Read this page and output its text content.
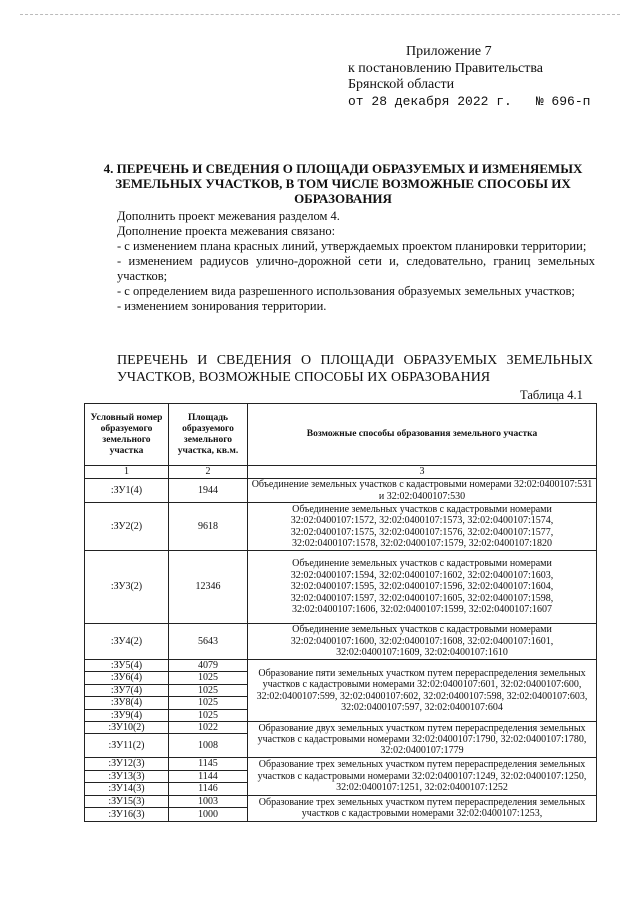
Приложение 7
к постановлению Правительства
Брянской области
от 28 декабря 2022 г. № 696-п
4. ПЕРЕЧЕНЬ И СВЕДЕНИЯ О ПЛОЩАДИ ОБРАЗУЕМЫХ И ИЗМЕНЯЕМЫХ ЗЕМЕЛЬНЫХ УЧАСТКОВ, В ТОМ ЧИСЛЕ ВОЗМОЖНЫЕ СПОСОБЫ ИХ ОБРАЗОВАНИЯ

Дополнить проект межевания разделом 4.

Дополнение проекта межевания связано:

- с изменением плана красных линий, утверждаемых проектом планировки территории;

- изменением радиусов улично-дорожной сети и, следовательно, границ земельных участков;

- с определением вида разрешенного использования образуемых земельных участков;

- изменением зонирования территории.

ПЕРЕЧЕНЬ И СВЕДЕНИЯ О ПЛОЩАДИ ОБРАЗУЕМЫХ ЗЕМЕЛЬНЫХ
УЧАСТКОВ, ВОЗМОЖНЫЕ СПОСОБЫ ИХ ОБРАЗОВАНИЯ
Таблица 4.1
Условный номер образуемого земельного участка	Площадь образуемого земельного участка, кв.м.	Возможные способы образования земельного участка
1	2	3
:ЗУ1(4)	1944	Объединение земельных участков с кадастровыми номерами 32:02:0400107:531 и 32:02:0400107:530
:ЗУ2(2)	9618	Объединение земельных участков с кадастровыми номерами 32:02:0400107:1572, 32:02:0400107:1573, 32:02:0400107:1574, 32:02:0400107:1575, 32:02:0400107:1576, 32:02:0400107:1577, 32:02:0400107:1578, 32:02:0400107:1579, 32:02:0400107:1820
:ЗУ3(2)	12346	Объединение земельных участков с кадастровыми номерами 32:02:0400107:1594, 32:02:0400107:1602, 32:02:0400107:1603, 32:02:0400107:1595, 32:02:0400107:1596, 32:02:0400107:1604, 32:02:0400107:1597, 32:02:0400107:1605, 32:02:0400107:1598, 32:02:0400107:1606, 32:02:0400107:1599, 32:02:0400107:1607
:ЗУ4(2)	5643	Объединение земельных участков с кадастровыми номерами 32:02:0400107:1600, 32:02:0400107:1608, 32:02:0400107:1601, 32:02:0400107:1609, 32:02:0400107:1610
:ЗУ5(4)	4079	Образование пяти земельных участком путем перераспределения земельных участков с кадастровыми номерами 32:02:0400107:601, 32:02:0400107:600, 32:02:0400107:599, 32:02:0400107:602, 32:02:0400107:598, 32:02:0400107:603, 32:02:0400107:597, 32:02:0400107:604
:ЗУ6(4)	1025	
:ЗУ7(4)	1025	
:ЗУ8(4)	1025	
:ЗУ9(4)	1025	
:ЗУ10(2)	1022	Образование двух земельных участком путем перераспределения земельных участков с кадастровыми номерами 32:02:0400107:1790, 32:02:0400107:1780, 32:02:0400107:1779
:ЗУ11(2)	1008	
:ЗУ12(3)	1145	Образование трех земельных участком путем перераспределения земельных участков с кадастровыми номерами 32:02:0400107:1249, 32:02:0400107:1250, 32:02:0400107:1251, 32:02:0400107:1252
:ЗУ13(3)	1144	
:ЗУ14(3)	1146	
:ЗУ15(3)	1003	Образование трех земельных участком путем перераспределения земельных участков с кадастровыми номерами 32:02:0400107:1253,
:ЗУ16(3)	1000	
